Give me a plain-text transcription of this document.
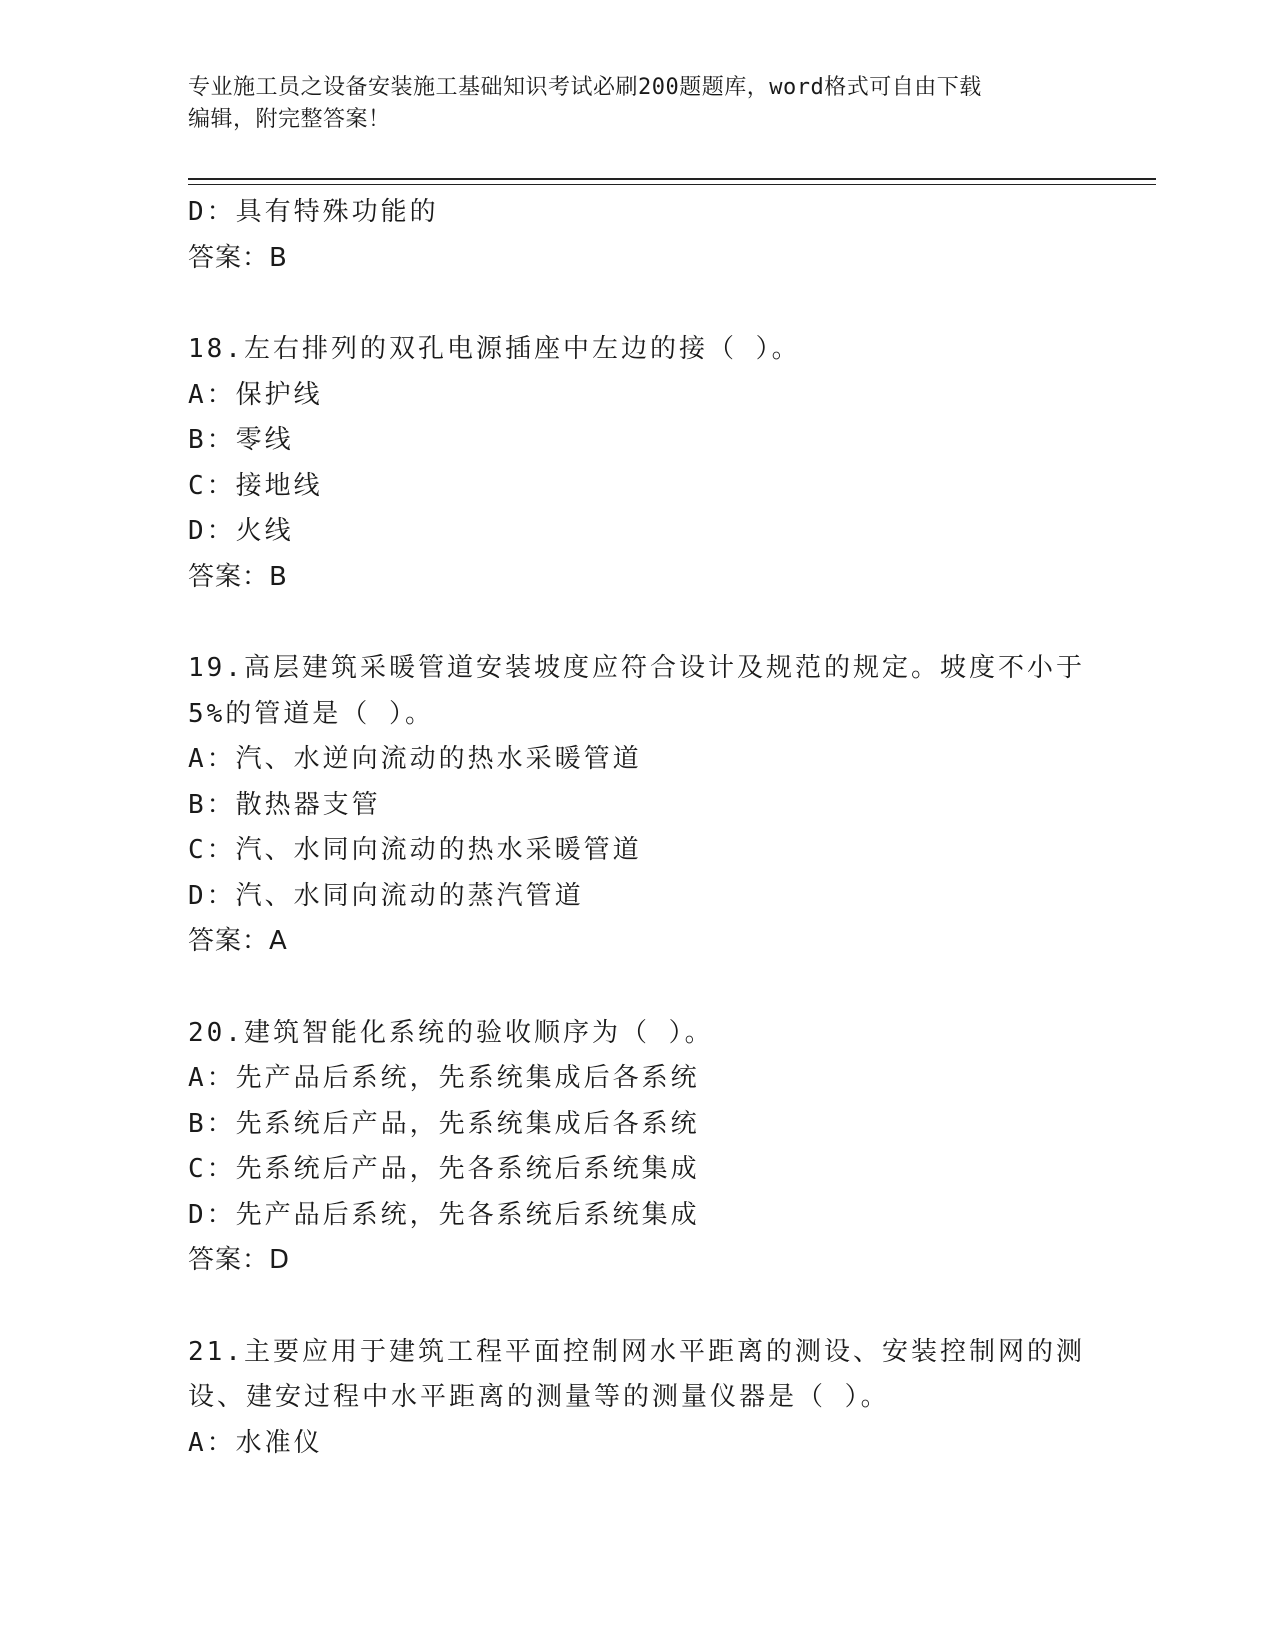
专业施工员之设备安装施工基础知识考试必刷200题题库，word格式可自由下载
编辑，附完整答案！
D：具有特殊功能的
答案：B
18.左右排列的双孔电源插座中左边的接（ ）。
A：保护线
B：零线
C：接地线
D：火线
答案：B
19.高层建筑采暖管道安装坡度应符合设计及规范的规定。坡度不小于
5%的管道是（ ）。
A：汽、水逆向流动的热水采暖管道
B：散热器支管
C：汽、水同向流动的热水采暖管道
D：汽、水同向流动的蒸汽管道
答案：A
20.建筑智能化系统的验收顺序为（ ）。
A：先产品后系统，先系统集成后各系统
B：先系统后产品，先系统集成后各系统
C：先系统后产品，先各系统后系统集成
D：先产品后系统，先各系统后系统集成
答案：D
21.主要应用于建筑工程平面控制网水平距离的测设、安装控制网的测
设、建安过程中水平距离的测量等的测量仪器是（ ）。
A：水准仪
